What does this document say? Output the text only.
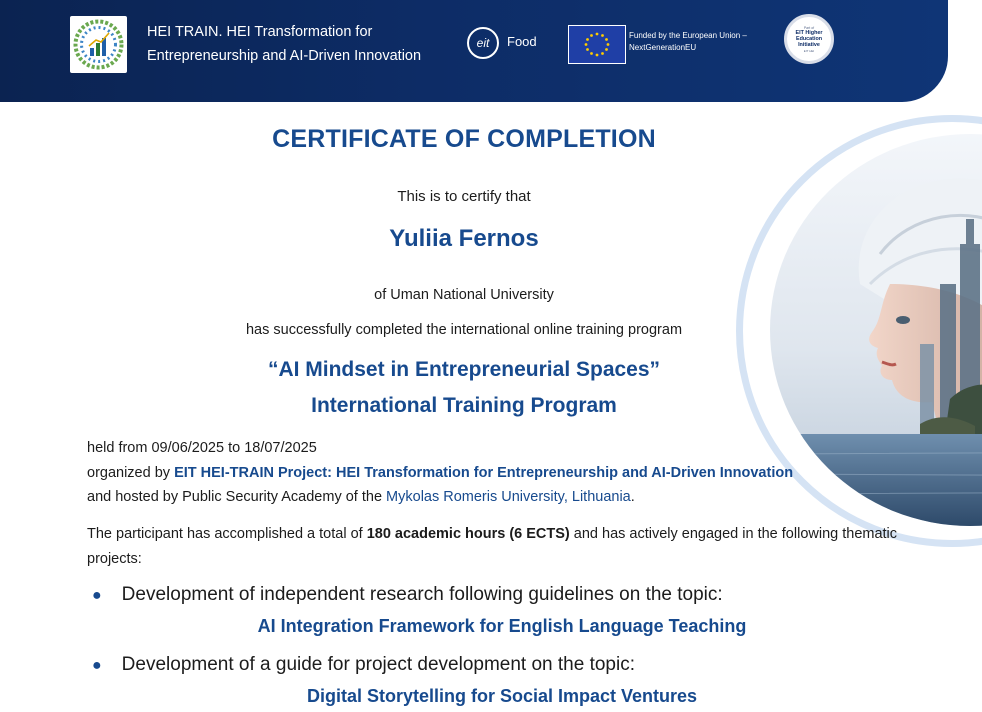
HEI TRAIN. HEI Transformation for
Entrepreneurship and AI-Driven Innovation
eit Food	Funded by the European Union –
NextGenerationEU
Part of
EIT Higher
Education
Initiative
EIT HEI
CERTIFICATE OF COMPLETION
This is to certify that
Yuliia Fernos
of Uman National University
has successfully completed the international online training program
“AI Mindset in Entrepreneurial Spaces”
International Training Program
held from 09/06/2025 to 18/07/2025
organized by EIT HEI-TRAIN Project: HEI Transformation for Entrepreneurship and AI-Driven Innovation
and hosted by Public Security Academy of the Mykolas Romeris University, Lithuania.
The participant has accomplished a total of 180 academic hours (6 ECTS) and has actively engaged in the following thematic projects:
● Development of independent research following guidelines on the topic:
AI Integration Framework for English Language Teaching
● Development of a guide for project development on the topic:
Digital Storytelling for Social Impact Ventures
